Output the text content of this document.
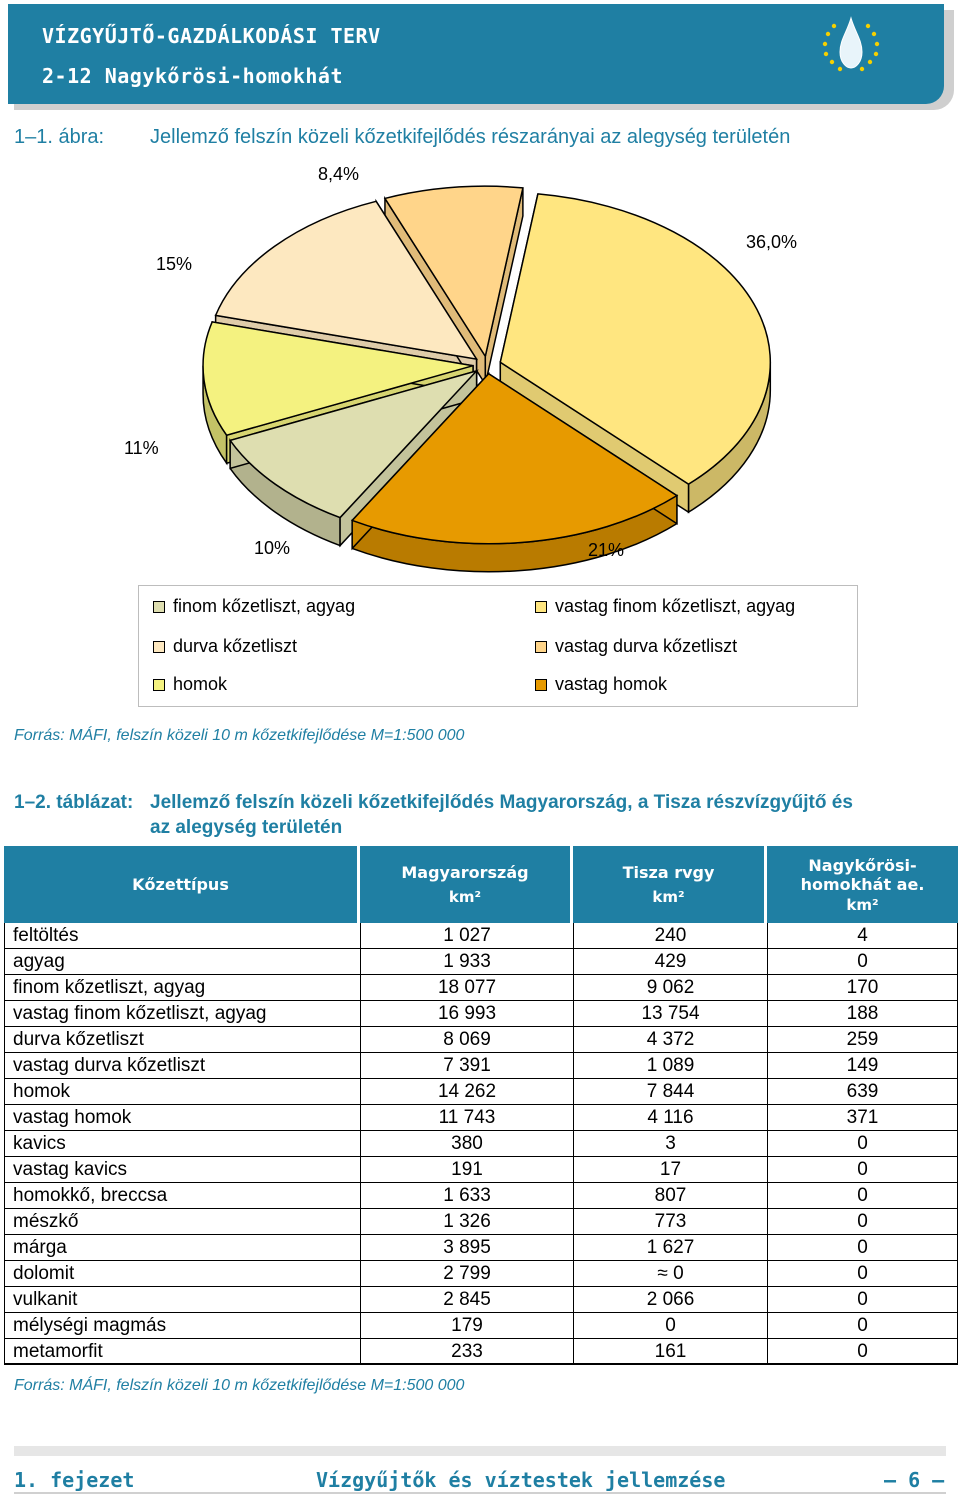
VÍZGYŰJTŐ-GAZDÁLKODÁSI TERV
2-12 Nagykőrösi-homokhát
1–1. ábra: Jellemző felszín közeli kőzetkifejlődés részarányai az alegység területén
36,0%
21%
10%
11%
15%
8,4%
finom kőzetliszt, agyag	vastag finom kőzetliszt, agyag
durva kőzetliszt	vastag durva kőzetliszt
homok	vastag homok
Forrás: MÁFI, felszín közeli 10 m kőzetkifejlődése M=1:500 000
1–2. táblázat: Jellemző felszín közeli kőzetkifejlődés Magyarország, a Tisza részvízgyűjtő és
az alegység területén
Kőzettípus
Magyarország
km²
Tisza rvgy
km²
Nagykőrösi-
homokhát ae.
km²
feltöltés	1 027	240	4
agyag	1 933	429	0
finom kőzetliszt, agyag	18 077	9 062	170
vastag finom kőzetliszt, agyag	16 993	13 754	188
durva kőzetliszt	8 069	4 372	259
vastag durva kőzetliszt	7 391	1 089	149
homok	14 262	7 844	639
vastag homok	11 743	4 116	371
kavics	380	3	0
vastag kavics	191	17	0
homokkő, breccsa	1 633	807	0
mészkő	1 326	773	0
márga	3 895	1 627	0
dolomit	2 799	≈ 0	0
vulkanit	2 845	2 066	0
mélységi magmás	179	0	0
metamorfit	233	161	0
Forrás: MÁFI, felszín közeli 10 m kőzetkifejlődése M=1:500 000
1. fejezet	Vízgyűjtők és víztestek jellemzése	– 6 –
